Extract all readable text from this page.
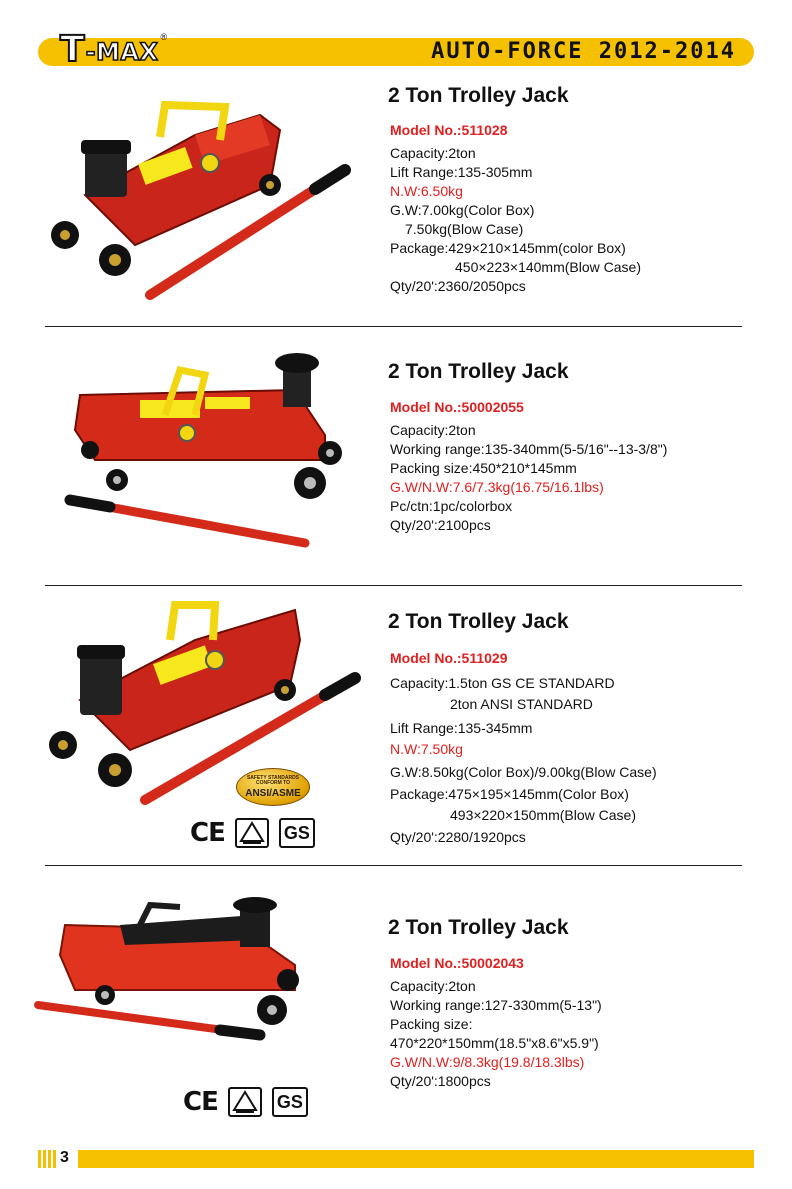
T -MAX
®
AUTO-FORCE 2012-2014
2 Ton Trolley Jack
Model No.:511028
Capacity:2ton
Lift Range:135-305mm
N.W:6.50kg
G.W:7.00kg(Color Box)
7.50kg(Blow Case)
Package:429×210×145mm(color Box)
450×223×140mm(Blow Case)
Qty/20':2360/2050pcs
2 Ton Trolley Jack
Model No.:50002055
Capacity:2ton
Working range:135-340mm(5-5/16"--13-3/8")
Packing size:450*210*145mm
G.W/N.W:7.6/7.3kg(16.75/16.1lbs)
Pc/ctn:1pc/colorbox
Qty/20':2100pcs
SAFETY STANDARDS CONFORM TO
ANSI/ASME
CE	GS
2 Ton Trolley Jack
Model No.:511029
Capacity:1.5ton GS CE STANDARD
2ton ANSI STANDARD
Lift Range:135-345mm
N.W:7.50kg
G.W:8.50kg(Color Box)/9.00kg(Blow Case)
Package:475×195×145mm(Color Box)
493×220×150mm(Blow Case)
Qty/20':2280/1920pcs
CE	GS
2 Ton Trolley Jack
Model No.:50002043
Capacity:2ton
Working range:127-330mm(5-13")
Packing size:
470*220*150mm(18.5"x8.6"x5.9")
G.W/N.W:9/8.3kg(19.8/18.3lbs)
Qty/20':1800pcs
3
